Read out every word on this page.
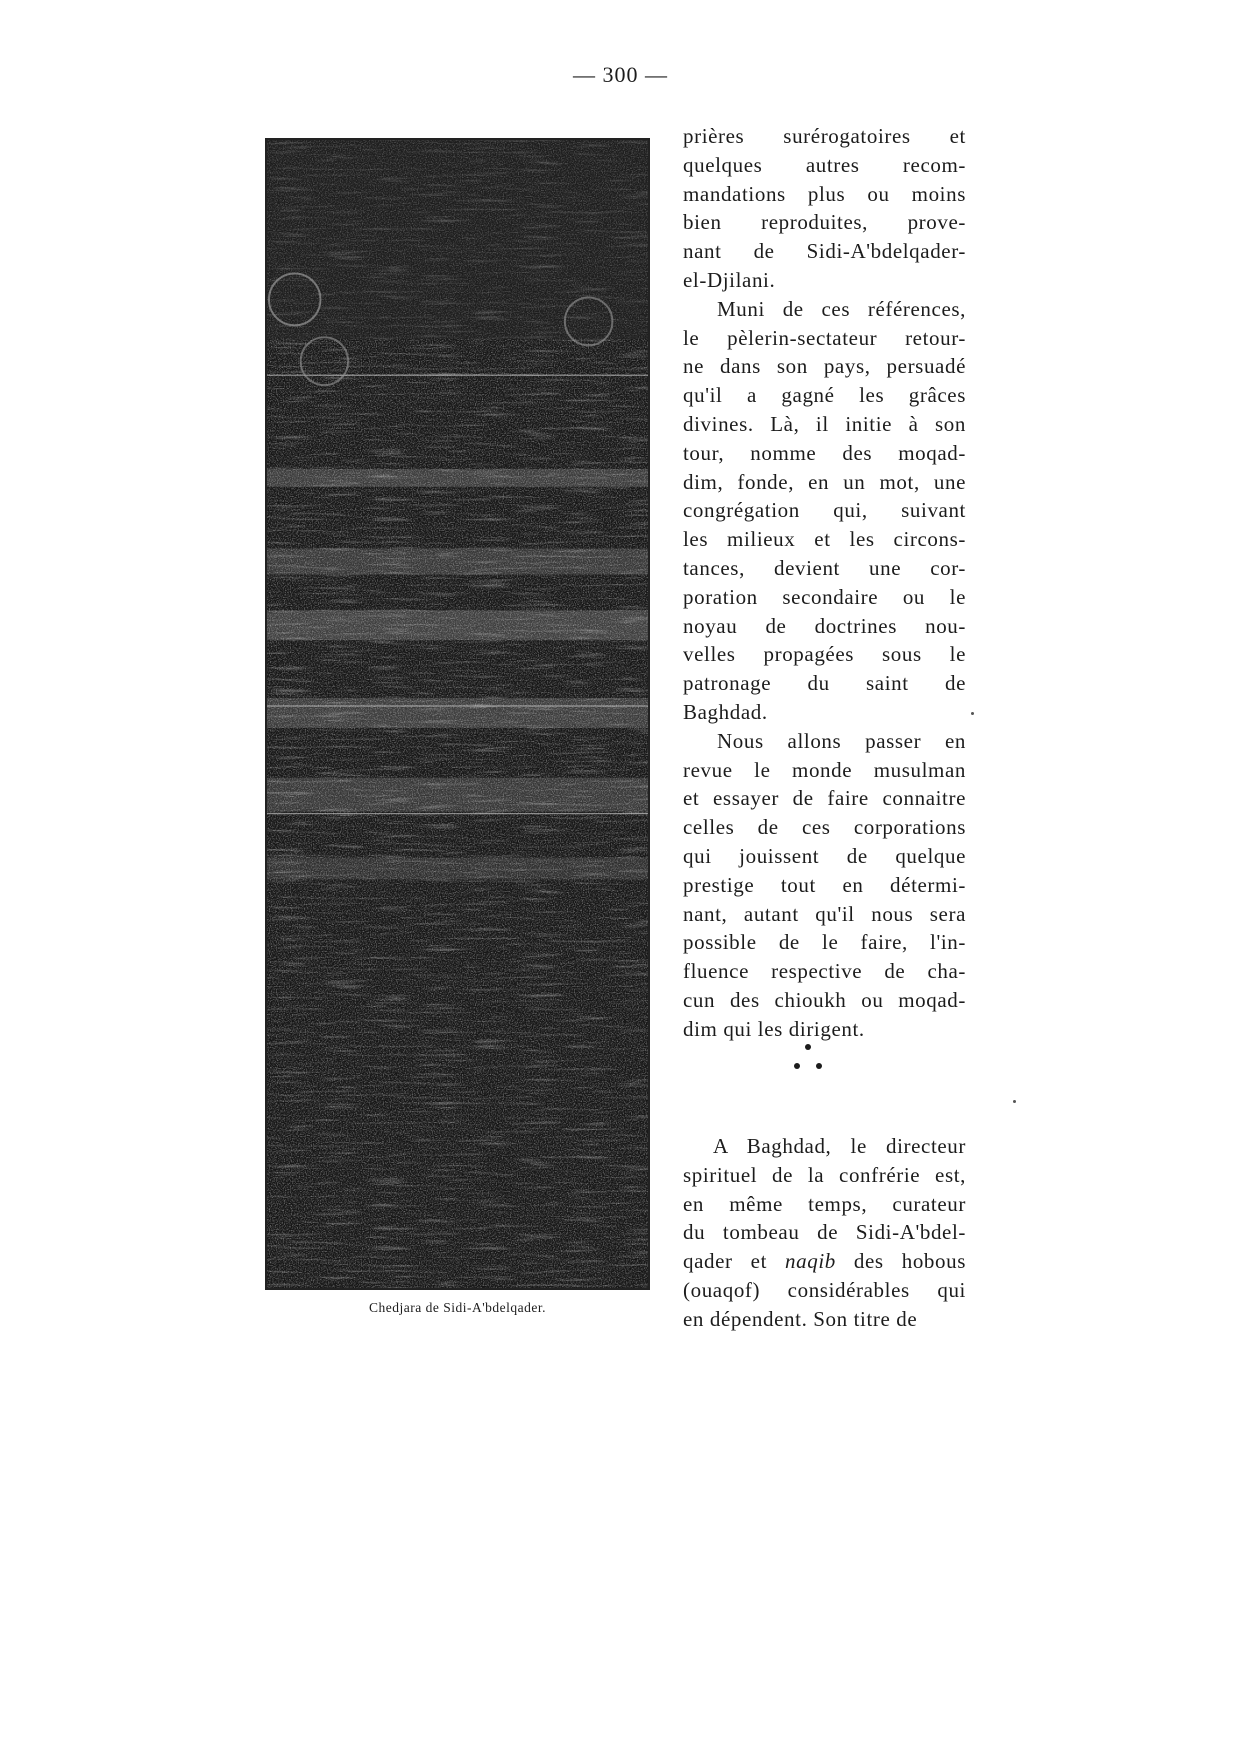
— 300 —
Chedjara de Sidi-A'bdelqader.
prières surérogatoires et
quelques autres recom-
mandations plus ou moins
bien reproduites, prove-
nant de Sidi-A'bdelqader-
el-Djilani.
Muni de ces références,
le pèlerin-sectateur retour-
ne dans son pays, persuadé
qu'il a gagné les grâces
divines. Là, il initie à son
tour, nomme des moqad-
dim, fonde, en un mot, une
congrégation qui, suivant
les milieux et les circons-
tances, devient une cor-
poration secondaire ou le
noyau de doctrines nou-
velles propagées sous le
patronage du saint de
Baghdad.
Nous allons passer en
revue le monde musulman
et essayer de faire connaitre
celles de ces corporations
qui jouissent de quelque
prestige tout en détermi-
nant, autant qu'il nous sera
possible de le faire, l'in-
fluence respective de cha-
cun des chioukh ou moqad-
dim qui les dirigent.
A Baghdad, le directeur
spirituel de la confrérie est,
en même temps, curateur
du tombeau de Sidi-A'bdel-
qader et naqib des hobous
(ouaqof) considérables qui
en dépendent. Son titre de
